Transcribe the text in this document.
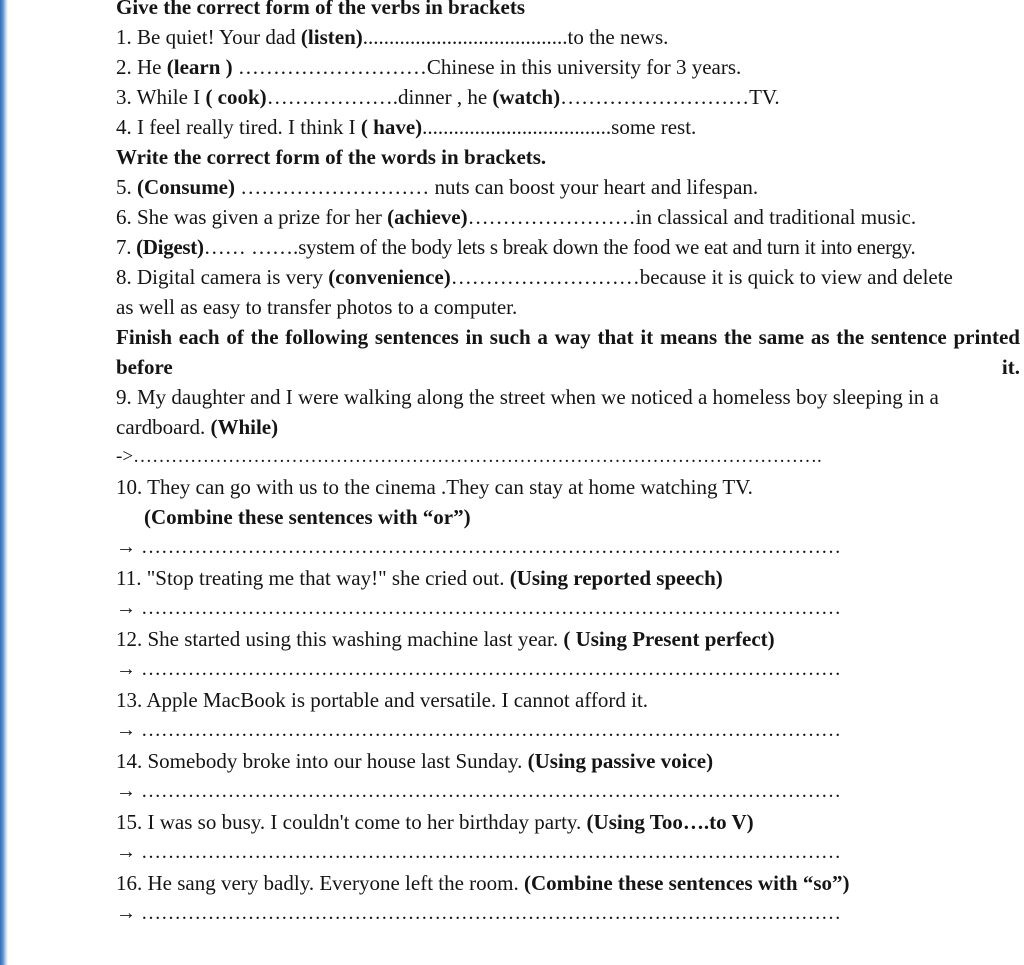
Give the correct form of the verbs in brackets
1. Be quiet! Your dad (listen).......................................to the news.
2. He (learn ) ………………………Chinese in this university for 3 years.
3. While I ( cook)……………….dinner , he (watch)………………………TV.
4. I feel really tired. I think I ( have)....................................some rest.
Write the correct form of the words in brackets.
5. (Consume) ……………………… nuts can boost your heart and lifespan.
6. She was given a prize for her (achieve)……………………in classical and traditional music.
7. (Digest)…… …….system of the body lets s break down the food we eat and turn it into energy.
8. Digital camera is very (convenience)………………………because it is quick to view and delete
as well as easy to transfer photos to a computer.
Finish each of the following sentences in such a way that it means the same as the sentence printed before it.
9. My daughter and I were walking along the street when we noticed a homeless boy sleeping in a cardboard. (While)
->……………………………………………………………………………………………….
10. They can go with us to the cinema .They can stay at home watching TV.
(Combine these sentences with “or”)
→ ……………………………………………………………………………………………
11. "Stop treating me that way!" she cried out. (Using reported speech)
→ ……………………………………………………………………………………………
12. She started using this washing machine last year. ( Using Present perfect)
→ ……………………………………………………………………………………………
13. Apple MacBook is portable and versatile. I cannot afford it.
→ ……………………………………………………………………………………………
14. Somebody broke into our house last Sunday. (Using passive voice)
→ ……………………………………………………………………………………………
15. I was so busy. I couldn't come to her birthday party. (Using Too….to V)
→ ……………………………………………………………………………………………
16. He sang very badly. Everyone left the room. (Combine these sentences with “so”)
→ ……………………………………………………………………………………………
